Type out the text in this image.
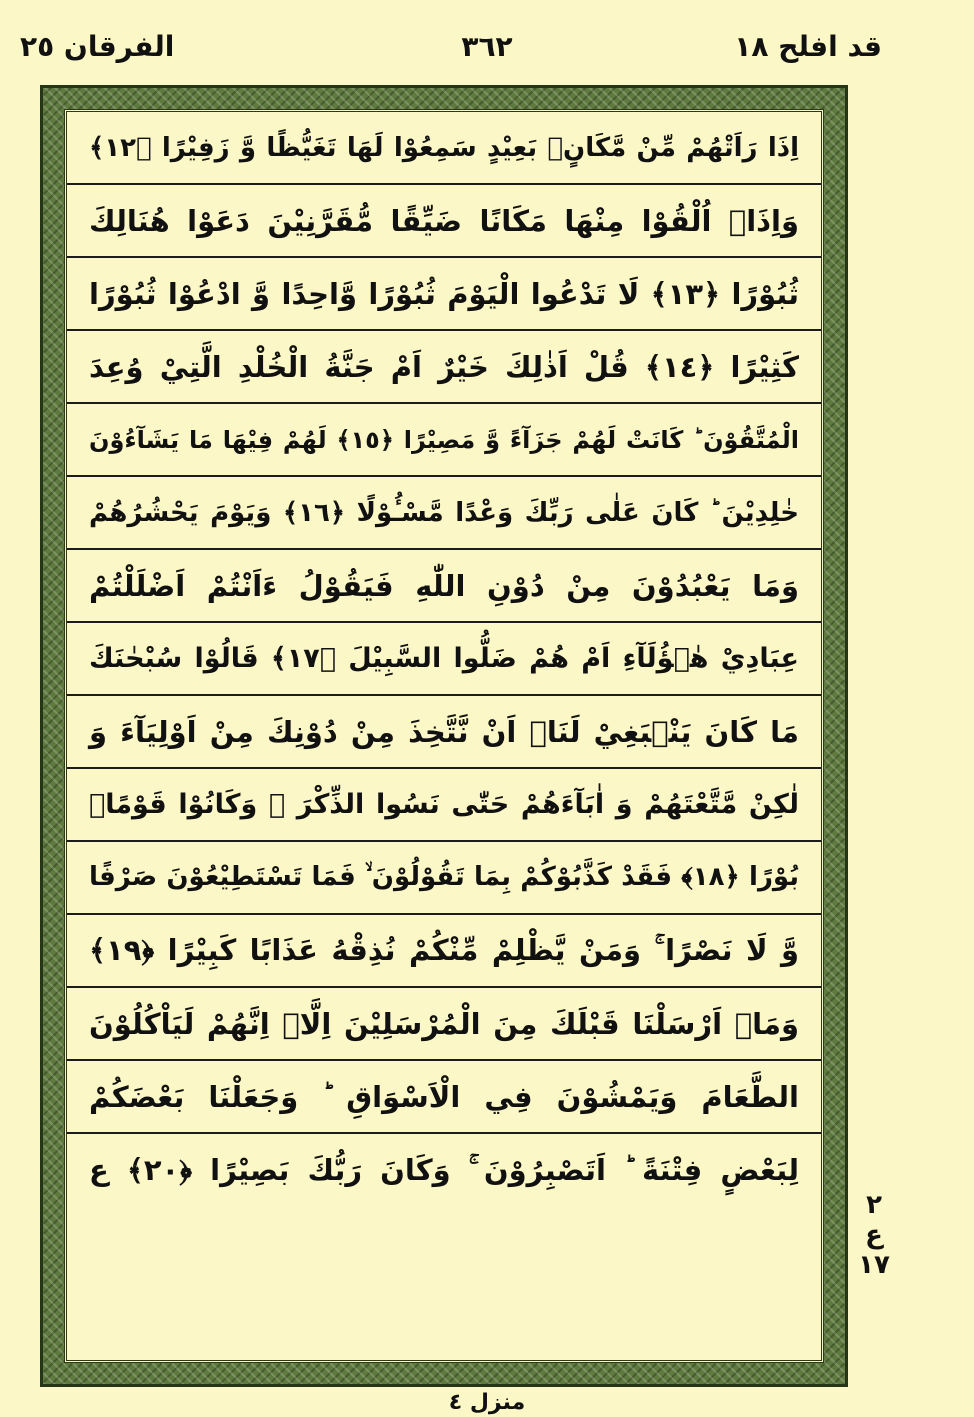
قد افلح ١٨
٣٦٢
الفرقان ٢٥
اِذَا رَاَتْهُمْ مِّنْ مَّكَانٍۭ بَعِيْدٍ سَمِعُوْا لَهَا تَغَيُّظًا وَّ زَفِيْرًا ﴿١٢﴾
وَاِذَاۤ اُلْقُوْا مِنْهَا مَكَانًا ضَيِّقًا مُّقَرَّنِيْنَ دَعَوْا هُنَالِكَ
ثُبُوْرًا ﴿١٣﴾ لَا تَدْعُوا الْيَوْمَ ثُبُوْرًا وَّاحِدًا وَّ ادْعُوْا ثُبُوْرًا
كَثِيْرًا ﴿١٤﴾ قُلْ اَذٰلِكَ خَيْرٌ اَمْ جَنَّةُ الْخُلْدِ الَّتِيْ وُعِدَ
الْمُتَّقُوْنَ ؕ كَانَتْ لَهُمْ جَزَآءً وَّ مَصِيْرًا ﴿١٥﴾ لَهُمْ فِيْهَا مَا يَشَآءُوْنَ
خٰلِدِيْنَ ؕ كَانَ عَلٰى رَبِّكَ وَعْدًا مَّسْـُٔوْلًا ﴿١٦﴾ وَيَوْمَ يَحْشُرُهُمْ
وَمَا يَعْبُدُوْنَ مِنْ دُوْنِ اللّٰهِ فَيَقُوْلُ ءَاَنْتُمْ اَضْلَلْتُمْ
عِبَادِيْ هٰۤؤُلَآءِ اَمْ هُمْ ضَلُّوا السَّبِيْلَ ﴿١٧﴾ قَالُوْا سُبْحٰنَكَ
مَا كَانَ يَنْۢبَغِيْ لَنَاۤ اَنْ نَّتَّخِذَ مِنْ دُوْنِكَ مِنْ اَوْلِيَآءَ وَ
لٰكِنْ مَّتَّعْتَهُمْ وَ اٰبَآءَهُمْ حَتّٰى نَسُوا الذِّكْرَ ۚ وَكَانُوْا قَوْمًاۢ
بُوْرًا ﴿١٨﴾ فَقَدْ كَذَّبُوْكُمْ بِمَا تَقُوْلُوْنَ ۙ فَمَا تَسْتَطِيْعُوْنَ صَرْفًا
وَّ لَا نَصْرًا ۚ وَمَنْ يَّظْلِمْ مِّنْكُمْ نُذِقْهُ عَذَابًا كَبِيْرًا ﴿١٩﴾
وَمَاۤ اَرْسَلْنَا قَبْلَكَ مِنَ الْمُرْسَلِيْنَ اِلَّاۤ اِنَّهُمْ لَيَاْكُلُوْنَ
الطَّعَامَ وَيَمْشُوْنَ فِي الْاَسْوَاقِ ؕ وَجَعَلْنَا بَعْضَكُمْ
لِبَعْضٍ فِتْنَةً ؕ اَتَصْبِرُوْنَ ۚ وَكَانَ رَبُّكَ بَصِيْرًا ﴿٢٠﴾ ع
٢
ع
١٧
منزل ٤
